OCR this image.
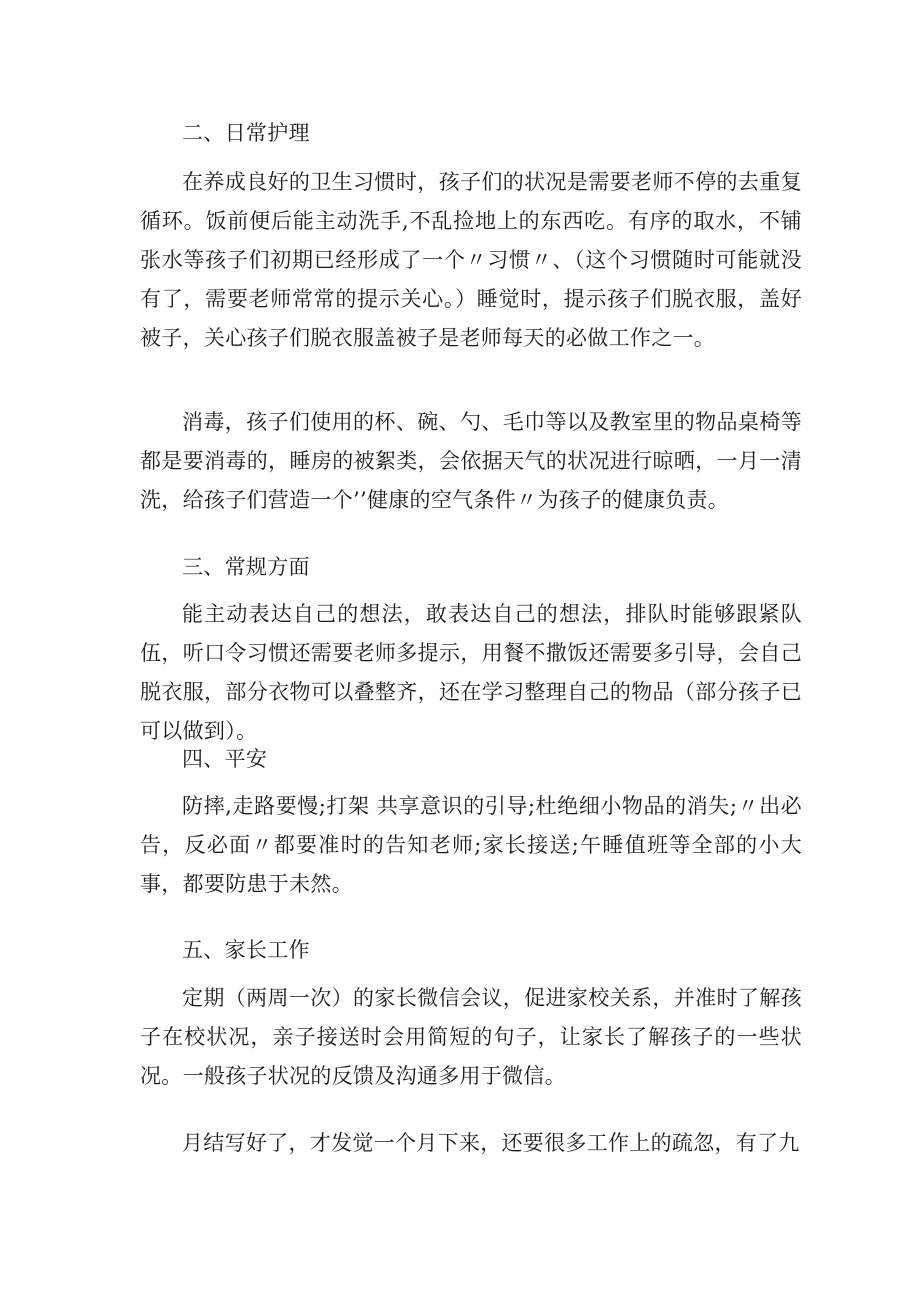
二、日常护理

在养成良好的卫生习惯时，孩子们的状况是需要老师不停的去重复循环。饭前便后能主动洗手,不乱捡地上的东西吃。有序的取水，不铺张水等孩子们初期已经形成了一个〃习惯〃、（这个习惯随时可能就没有了，需要老师常常的提示关心。）睡觉时，提示孩子们脱衣服，盖好被子，关心孩子们脱衣服盖被子是老师每天的必做工作之一。

消毒，孩子们使用的杯、碗、勺、毛巾等以及教室里的物品桌椅等都是要消毒的，睡房的被絮类，会依据天气的状况进行晾晒，一月一清洗，给孩子们营造一个’’健康的空气条件〃为孩子的健康负责。

三、常规方面

能主动表达自己的想法，敢表达自己的想法，排队时能够跟紧队伍，听口令习惯还需要老师多提示，用餐不撒饭还需要多引导，会自己脱衣服，部分衣物可以叠整齐，还在学习整理自己的物品（部分孩子已可以做到）。

四、平安

防摔,走路要慢;打架 共享意识的引导;杜绝细小物品的消失;〃出必告，反必面〃都要准时的告知老师;家长接送;午睡值班等全部的小大事，都要防患于未然。

五、家长工作

定期（两周一次）的家长微信会议，促进家校关系，并准时了解孩子在校状况，亲子接送时会用简短的句子，让家长了解孩子的一些状况。一般孩子状况的反馈及沟通多用于微信。

月结写好了，才发觉一个月下来，还要很多工作上的疏忽，有了九
